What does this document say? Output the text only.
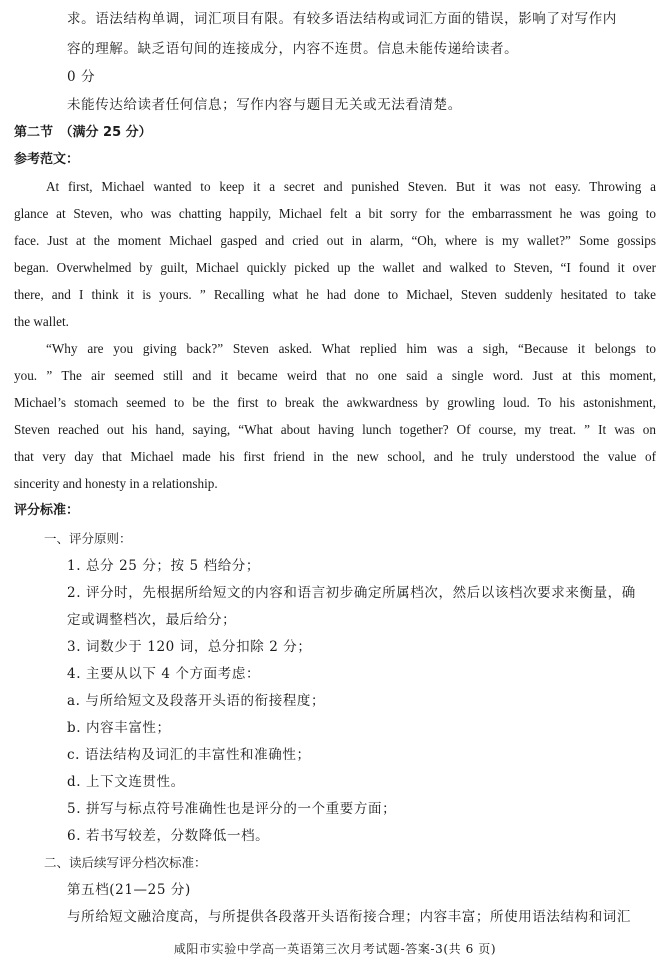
求。语法结构单调，词汇项目有限。有较多语法结构或词汇方面的错误，影响了对写作内
容的理解。缺乏语句间的连接成分，内容不连贯。信息未能传递给读者。
0 分
未能传达给读者任何信息；写作内容与题目无关或无法看清楚。
第二节　（满分 25 分）
参考范文：
At first, Michael wanted to keep it a secret and punished Steven. But it was not easy. Throwing a
glance at Steven, who was chatting happily, Michael felt a bit sorry for the embarrassment he was going to
face. Just at the moment Michael gasped and cried out in alarm, “Oh, where is my wallet?” Some gossips
began. Overwhelmed by guilt, Michael quickly picked up the wallet and walked to Steven, “I found it over
there, and I think it is yours. ” Recalling what he had done to Michael, Steven suddenly hesitated to take
the wallet.
“Why are you giving back?” Steven asked. What replied him was a sigh, “Because it belongs to
you. ” The air seemed still and it became weird that no one said a single word. Just at this moment,
Michael’s stomach seemed to be the first to break the awkwardness by growling loud. To his astonishment,
Steven reached out his hand, saying, “What about having lunch together? Of course, my treat. ” It was on
that very day that Michael made his first friend in the new school, and he truly understood the value of
sincerity and honesty in a relationship.
评分标准：
一、评分原则：
1. 总分 25 分；按 5 档给分；
2. 评分时，先根据所给短文的内容和语言初步确定所属档次，然后以该档次要求来衡量，确
定或调整档次，最后给分；
3. 词数少于 120 词，总分扣除 2 分；
4. 主要从以下 4 个方面考虑：
a. 与所给短文及段落开头语的衔接程度；
b. 内容丰富性；
c. 语法结构及词汇的丰富性和准确性；
d. 上下文连贯性。
5. 拼写与标点符号准确性也是评分的一个重要方面；
6. 若书写较差，分数降低一档。
二、读后续写评分档次标准：
第五档(21—25 分)
与所给短文融洽度高，与所提供各段落开头语衔接合理；内容丰富；所使用语法结构和词汇
咸阳市实验中学高一英语第三次月考试题-答案-3(共 6 页)
